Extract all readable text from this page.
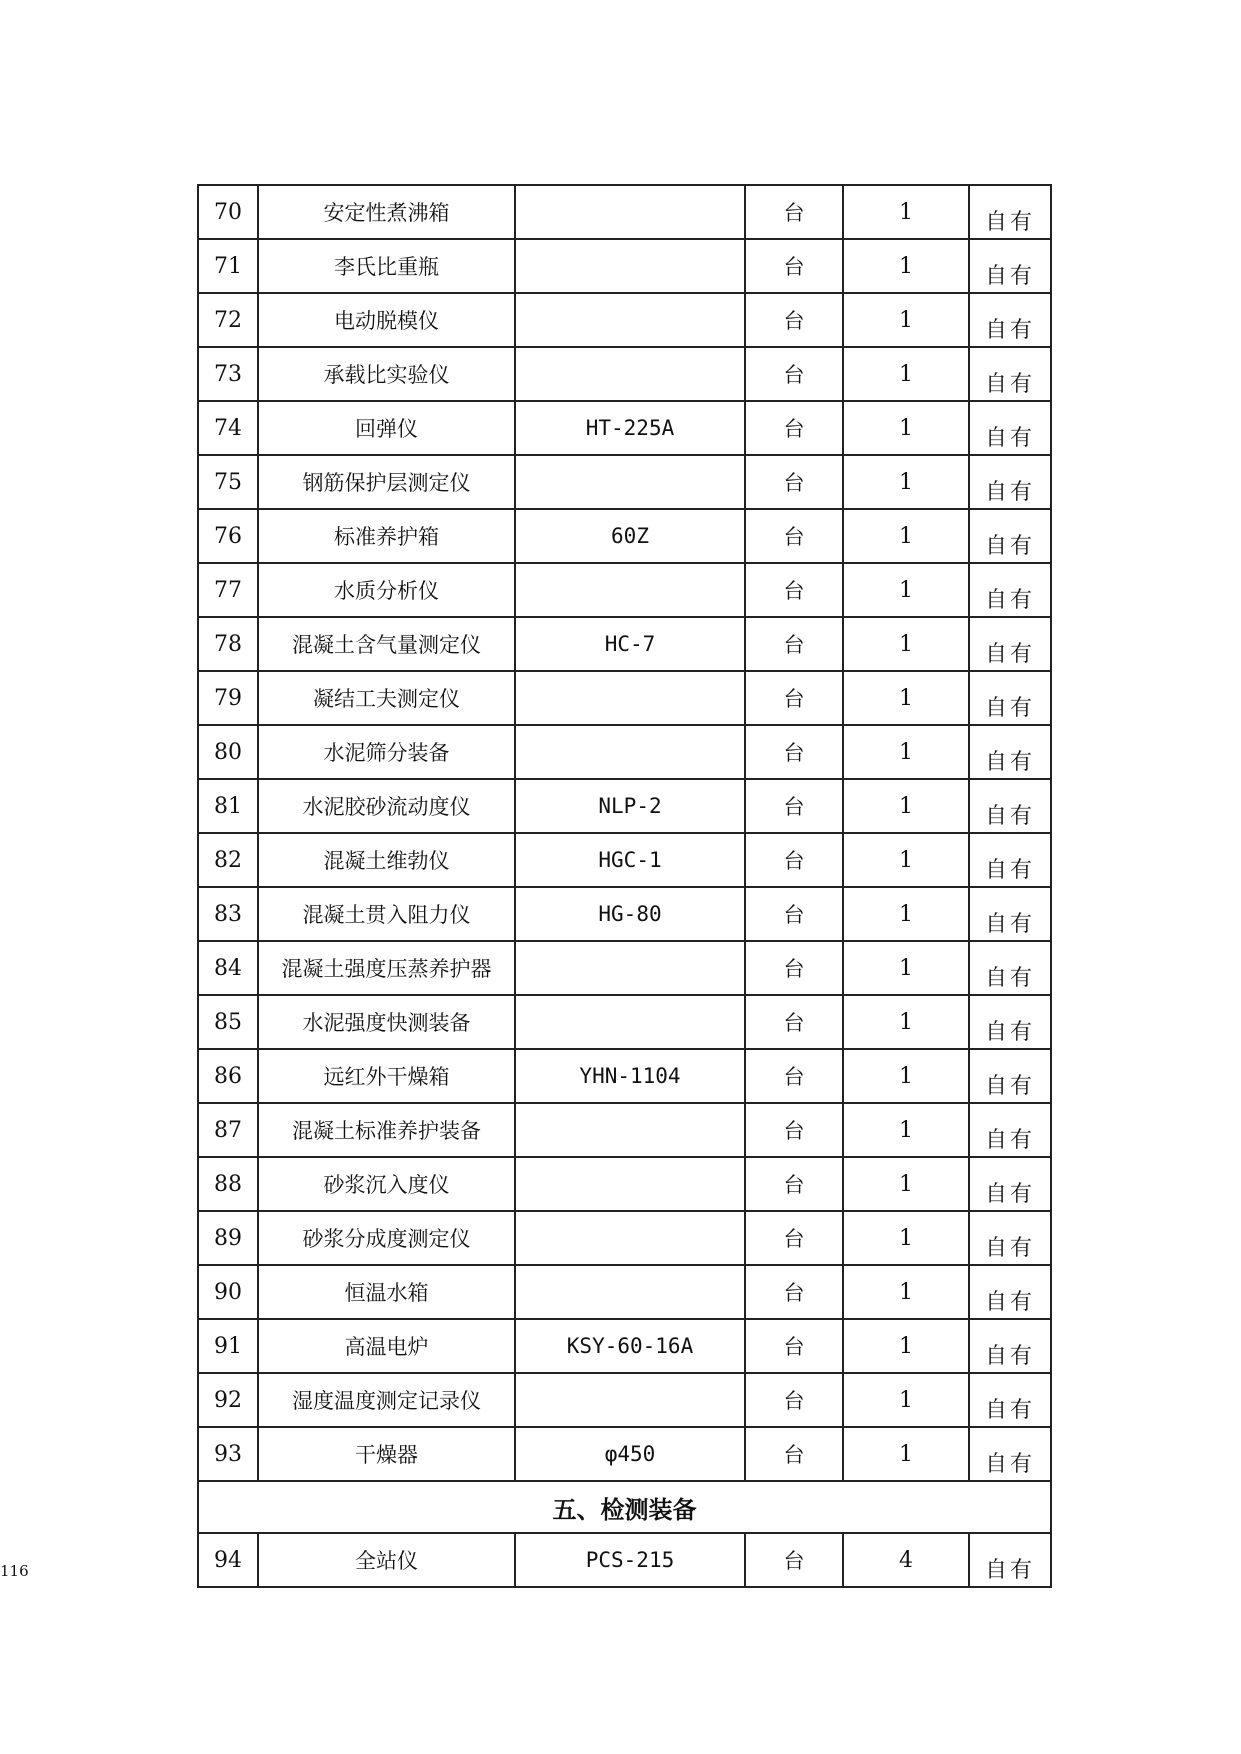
70	安定性煮沸箱		台	1	自有
71	李氏比重瓶		台	1	自有
72	电动脱模仪		台	1	自有
73	承载比实验仪		台	1	自有
74	回弹仪	HT-225A	台	1	自有
75	钢筋保护层测定仪		台	1	自有
76	标准养护箱	60Z	台	1	自有
77	水质分析仪		台	1	自有
78	混凝土含气量测定仪	HC-7	台	1	自有
79	凝结工夫测定仪		台	1	自有
80	水泥筛分装备		台	1	自有
81	水泥胶砂流动度仪	NLP-2	台	1	自有
82	混凝土维勃仪	HGC-1	台	1	自有
83	混凝土贯入阻力仪	HG-80	台	1	自有
84	混凝土强度压蒸养护器		台	1	自有
85	水泥强度快测装备		台	1	自有
86	远红外干燥箱	YHN-1104	台	1	自有
87	混凝土标准养护装备		台	1	自有
88	砂浆沉入度仪		台	1	自有
89	砂浆分成度测定仪		台	1	自有
90	恒温水箱		台	1	自有
91	高温电炉	KSY-60-16A	台	1	自有
92	湿度温度测定记录仪		台	1	自有
93	干燥器	φ450	台	1	自有
五、检测装备					
94	全站仪	PCS-215	台	4	自有
116
